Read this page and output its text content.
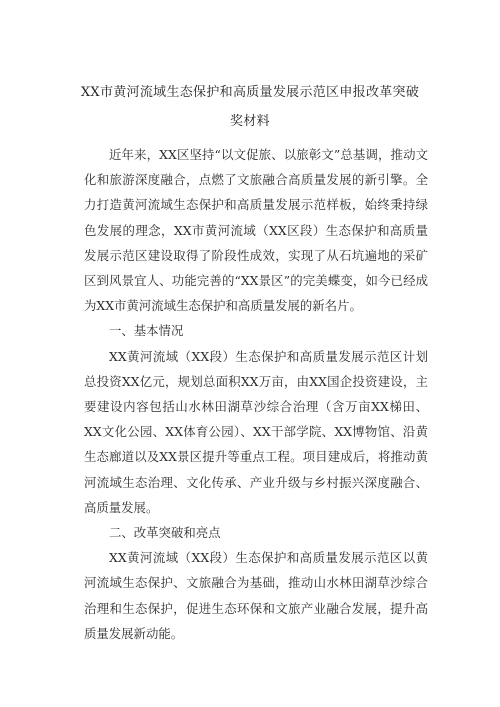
XX市黄河流域生态保护和高质量发展示范区申报改革突破
奖材料

近年来，XX区坚持“以文促旅、以旅彰文”总基调，推动文化和旅游深度融合，点燃了文旅融合高质量发展的新引擎。全力打造黄河流域生态保护和高质量发展示范样板，始终秉持绿色发展的理念，XX市黄河流域（XX区段）生态保护和高质量发展示范区建设取得了阶段性成效，实现了从石坑遍地的采矿区到风景宜人、功能完善的“XX景区”的完美蝶变，如今已经成为XX市黄河流域生态保护和高质量发展的新名片。

一、基本情况

XX黄河流域（XX段）生态保护和高质量发展示范区计划总投资XX亿元，规划总面积XX万亩，由XX国企投资建设，主要建设内容包括山水林田湖草沙综合治理（含万亩XX梯田、XX文化公园、XX体育公园）、XX干部学院、XX博物馆、沿黄生态廊道以及XX景区提升等重点工程。项目建成后，将推动黄河流域生态治理、文化传承、产业升级与乡村振兴深度融合、高质量发展。

二、改革突破和亮点

XX黄河流域（XX段）生态保护和高质量发展示范区以黄河流域生态保护、文旅融合为基础，推动山水林田湖草沙综合治理和生态保护，促进生态环保和文旅产业融合发展，提升高质量发展新动能。
